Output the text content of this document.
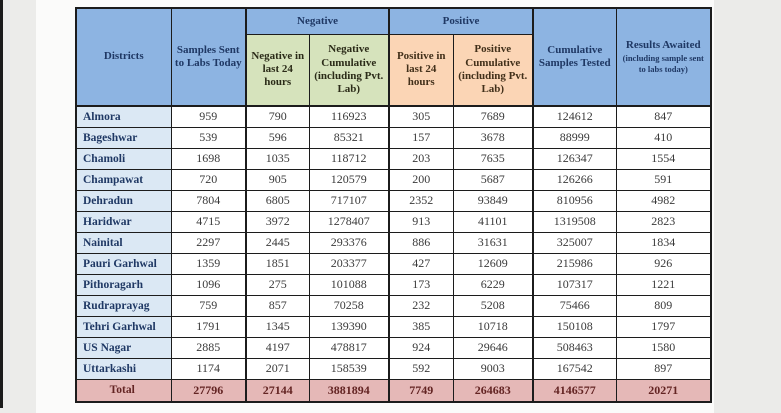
Districts	Samples Sent to Labs Today	Negative		Positive		Cumulative Samples Tested	Results Awaited
(including sample sent to labs today)

		Negative in last 24 hours	Negative Cumulative (including Pvt. Lab)	Positive in last 24 hours	Positive Cumulative (including Pvt. Lab)		
Almora	959	790	116923	305	7689	124612	847
Bageshwar	539	596	85321	157	3678	88999	410
Chamoli	1698	1035	118712	203	7635	126347	1554
Champawat	720	905	120579	200	5687	126266	591
Dehradun	7804	6805	717107	2352	93849	810956	4982
Haridwar	4715	3972	1278407	913	41101	1319508	2823
Nainital	2297	2445	293376	886	31631	325007	1834
Pauri Garhwal	1359	1851	203377	427	12609	215986	926
Pithoragarh	1096	275	101088	173	6229	107317	1221
Rudraprayag	759	857	70258	232	5208	75466	809
Tehri Garhwal	1791	1345	139390	385	10718	150108	1797
US Nagar	2885	4197	478817	924	29646	508463	1580
Uttarkashi	1174	2071	158539	592	9003	167542	897
Total	27796	27144	3881894	7749	264683	4146577	20271
